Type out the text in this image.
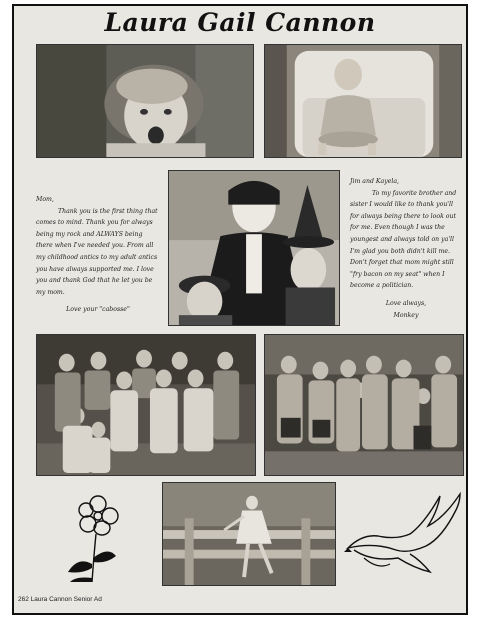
Laura Gail Cannon

Mom,

Thank you is the first thing that comes to mind. Thank you for always being my rock and ALWAYS being there when I've needed you. From all my childhood antics to my adult antics you have always supported me. I love you and thank God that he let you be my mom.

Love your "cabosse"

Jim and Kayela,

To my favorite brother and sister I would like to thank you'll for always being there to look out for me. Even though I was the youngest and always told on ya'll I'm glad you both didn't kill me. Don't forget that mom might still "fry bacon on my seat" when I become a politician.

Love always,

Monkey

262 Laura Cannon Senior Ad
